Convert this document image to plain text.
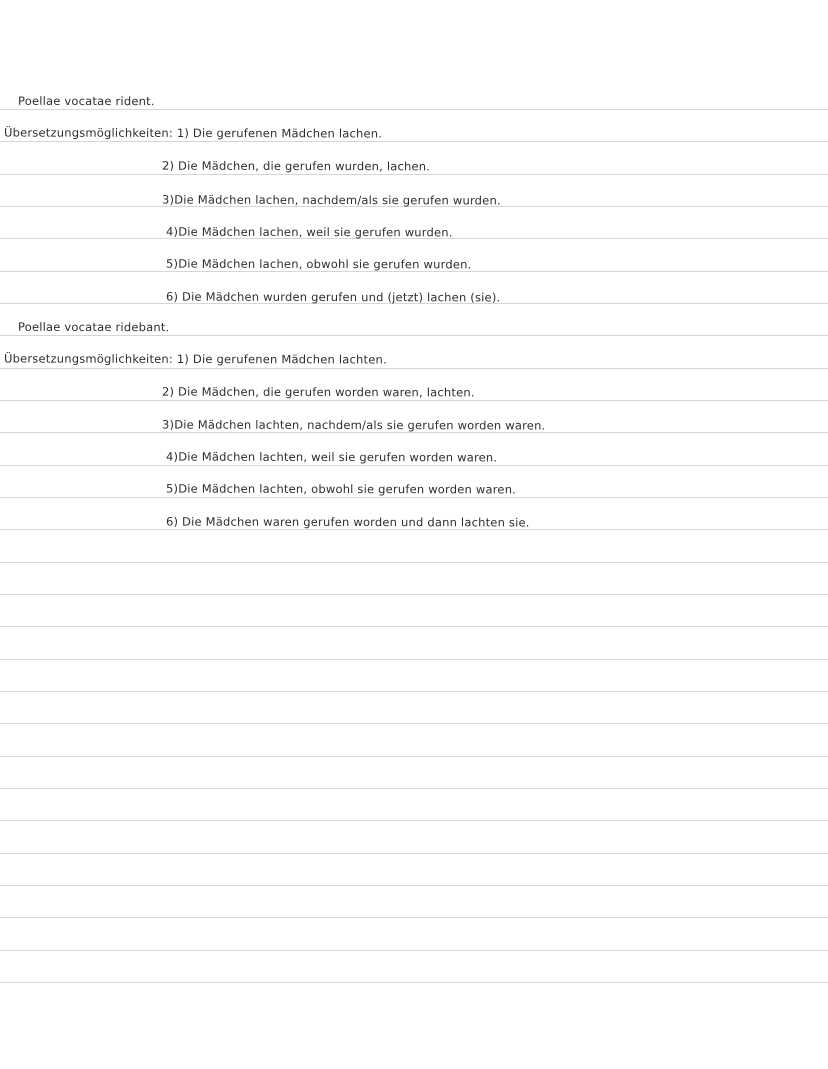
Poellae vocatae rident.
Übersetzungsmöglichkeiten: 1) Die gerufenen Mädchen lachen.
2) Die Mädchen, die gerufen wurden, lachen.
3)Die Mädchen lachen, nachdem/als sie gerufen wurden.
4)Die Mädchen lachen, weil sie gerufen wurden.
5)Die Mädchen lachen, obwohl sie gerufen wurden.
6) Die Mädchen wurden gerufen und (jetzt) lachen (sie).
Poellae vocatae ridebant.
Übersetzungsmöglichkeiten: 1) Die gerufenen Mädchen lachten.
2) Die Mädchen, die gerufen worden waren, lachten.
3)Die Mädchen lachten, nachdem/als sie gerufen worden waren.
4)Die Mädchen lachten, weil sie gerufen worden waren.
5)Die Mädchen lachten, obwohl sie gerufen worden waren.
6) Die Mädchen waren gerufen worden und dann lachten sie.
